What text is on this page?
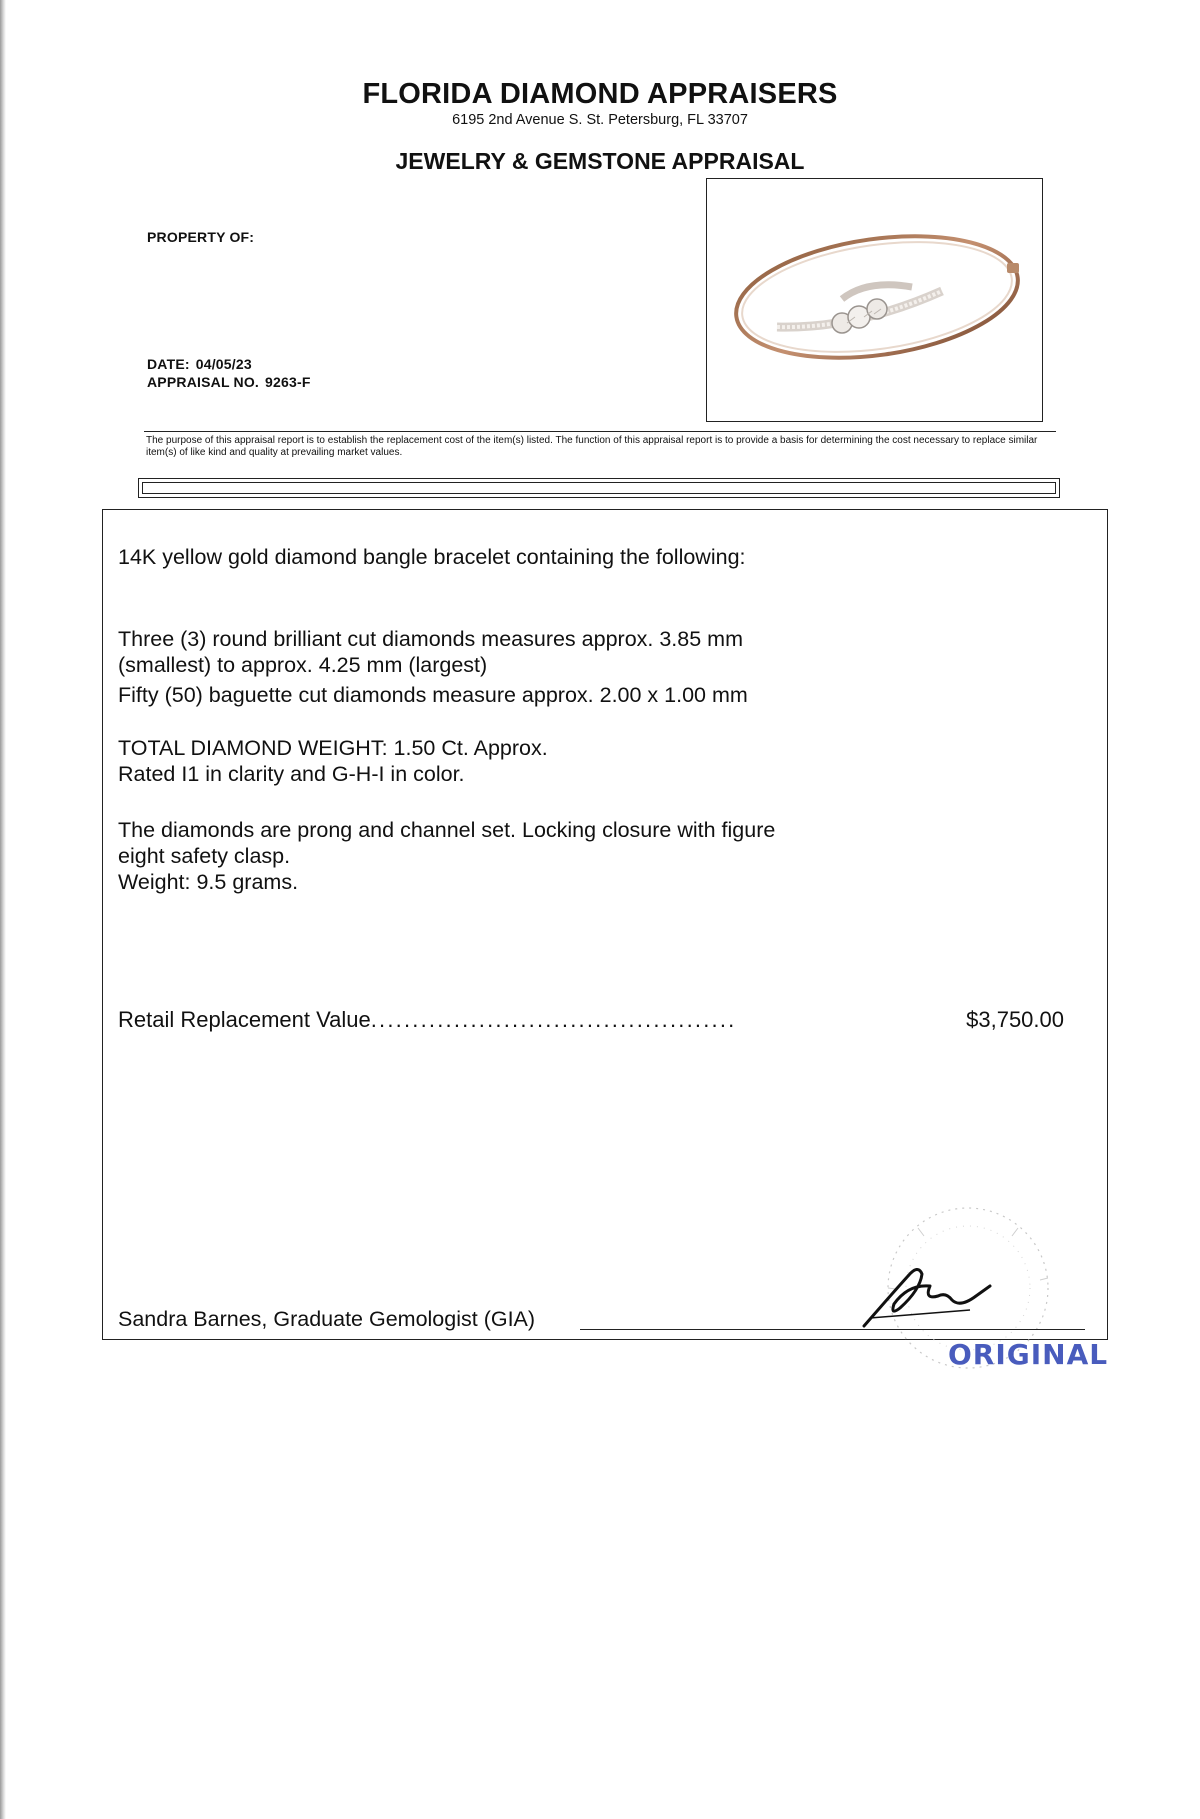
FLORIDA DIAMOND APPRAISERS
6195 2nd Avenue S. St. Petersburg, FL 33707
JEWELRY & GEMSTONE APPRAISAL
PROPERTY OF:
DATE: 04/05/23
APPRAISAL NO. 9263-F
The purpose of this appraisal report is to establish the replacement cost of the item(s) listed. The function of this appraisal report is to provide a basis for determining the cost necessary to replace similar item(s) of like kind and quality at prevailing market values.
14K yellow gold diamond bangle bracelet containing the following:
Three (3) round brilliant cut diamonds measures approx. 3.85 mm
(smallest) to approx. 4.25 mm (largest)
Fifty (50) baguette cut diamonds measure approx. 2.00 x 1.00 mm
TOTAL DIAMOND WEIGHT: 1.50 Ct. Approx.
Rated I1 in clarity and G-H-I in color.
The diamonds are prong and channel set. Locking closure with figure
eight safety clasp.
Weight: 9.5 grams.
Retail Replacement Value ............................................	$3,750.00
Sandra Barnes, Graduate Gemologist (GIA)
ORIGINAL
